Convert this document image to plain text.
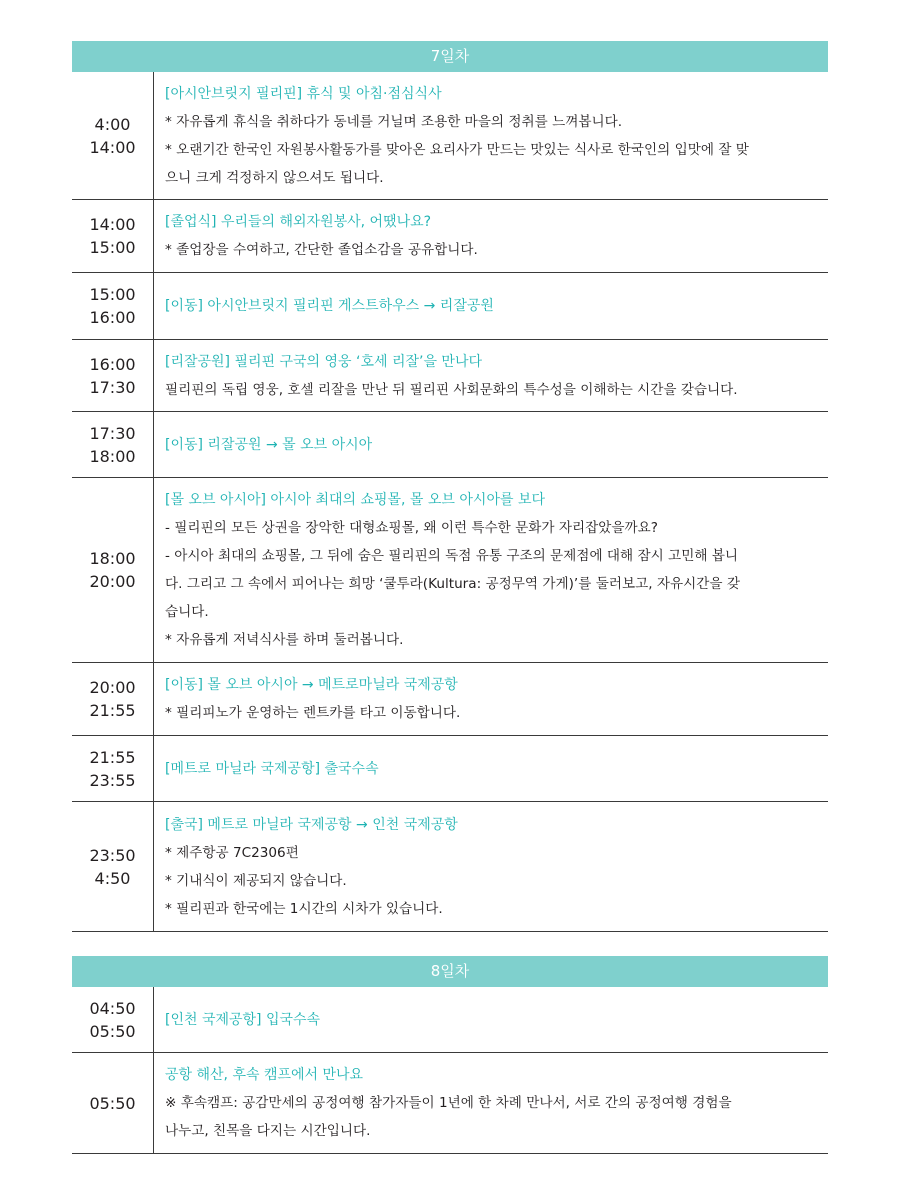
7일차
4:00
14:00
[아시안브릿지 필리핀] 휴식 및 아침·점심식사
* 자유롭게 휴식을 취하다가 동네를 거닐며 조용한 마을의 정취를 느껴봅니다.
* 오랜기간 한국인 자원봉사활동가를 맞아온 요리사가 만드는 맛있는 식사로 한국인의 입맛에 잘 맞
으니 크게 걱정하지 않으셔도 됩니다.
14:00
15:00
[졸업식] 우리들의 해외자원봉사, 어땠나요?
* 졸업장을 수여하고, 간단한 졸업소감을 공유합니다.
15:00
16:00
[이동] 아시안브릿지 필리핀 게스트하우스 → 리잘공원
16:00
17:30
[리잘공원] 필리핀 구국의 영웅 ‘호세 리잘’을 만나다
필리핀의 독립 영웅, 호셀 리잘을 만난 뒤 필리핀 사회문화의 특수성을 이해하는 시간을 갖습니다.
17:30
18:00
[이동] 리잘공원 → 몰 오브 아시아
18:00
20:00
[몰 오브 아시아] 아시아 최대의 쇼핑몰, 몰 오브 아시아를 보다
- 필리핀의 모든 상권을 장악한 대형쇼핑몰, 왜 이런 특수한 문화가 자리잡았을까요?
- 아시아 최대의 쇼핑몰, 그 뒤에 숨은 필리핀의 독점 유통 구조의 문제점에 대해 잠시 고민해 봅니
다. 그리고 그 속에서 피어나는 희망 ‘쿨투라(Kultura: 공정무역 가게)’를 둘러보고, 자유시간을 갖
습니다.
* 자유롭게 저녁식사를 하며 둘러봅니다.
20:00
21:55
[이동] 몰 오브 아시아 → 메트로마닐라 국제공항
* 필리피노가 운영하는 렌트카를 타고 이동합니다.
21:55
23:55
[메트로 마닐라 국제공항] 출국수속
23:50
4:50
[출국] 메트로 마닐라 국제공항 → 인천 국제공항
* 제주항공 7C2306편
* 기내식이 제공되지 않습니다.
* 필리핀과 한국에는 1시간의 시차가 있습니다.
8일차
04:50
05:50
[인천 국제공항] 입국수속
05:50
공항 해산, 후속 캠프에서 만나요
※ 후속캠프: 공감만세의 공정여행 참가자들이 1년에 한 차례 만나서, 서로 간의 공정여행 경험을
나누고, 친목을 다지는 시간입니다.
